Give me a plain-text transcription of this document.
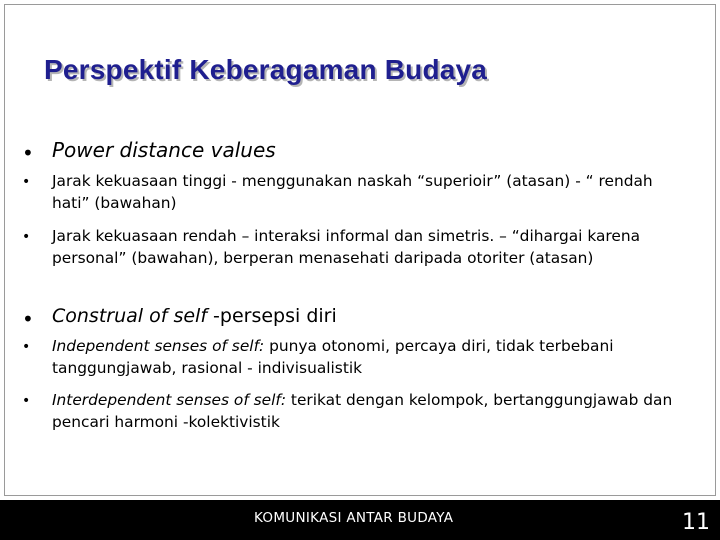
Perspektif Keberagaman Budaya
• Power distance values
• Jarak kekuasaan tinggi - menggunakan naskah “superioir” (atasan) - “ rendah hati” (bawahan)
• Jarak kekuasaan rendah – interaksi informal dan simetris. – “dihargai karena personal” (bawahan), berperan menasehati daripada otoriter (atasan)
• Construal of self -persepsi diri
• Independent senses of self: punya otonomi, percaya diri, tidak terbebani tanggungjawab, rasional - indivisualistik
• Interdependent senses of self: terikat dengan kelompok, bertanggungjawab dan pencari harmoni -kolektivistik
KOMUNIKASI ANTAR BUDAYA	11
